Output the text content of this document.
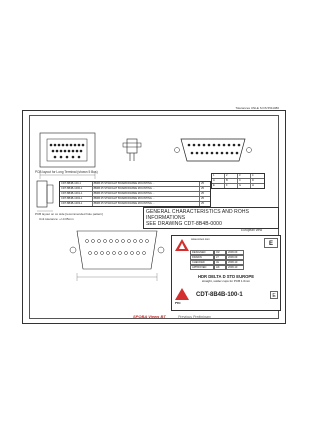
Tolerances UNLE S DS 5511080
PCB layout for Long Terminal (shown 5 Bus)
CDT-8B4B-100-1	8B4B 25 STRAIGHT BOARD/FRAME MOUNTING ...	25
CDT-8B4B-1000-1	8B4B 25 STRAIGHT BOARD/FRAME MOUNTING ...	25
CDT-8B4B-1001-1	8B4B 25 STRAIGHT BOARD/FRAME MOUNTING ...	25
CDT-8B4B-1002-1	8B4B 25 STRAIGHT BOARD/FRAME MOUNTING ...	25
CDT-8B4B-1003-1	8B4B 25 STRAIGHT BOARD/FRAME MOUNTING ...	25
1	2	3	4
A	B	C	D
E	F	G	H
PCB layout on co side [recommended hole pattern]
Unit tolerance: +/-0.05mm
GENERAL CHARACTERISTICS AND ROHS INFORMATIONS
SEE DRAWING CDT-8B4B-0000
European view
www.conec.com
E
HDR DELTA D STD EUROPE
straight, solder cups for PCB 1.6mm
PEI
CDT-8B4B-100-1	E
DESIGNED	OZ	2006.09
DRAWN	LT	2006.09
CHECKED	JH	2006.10
APPROVED	HK	2006.10
SPOBA Views BT	Previous Preliminary
